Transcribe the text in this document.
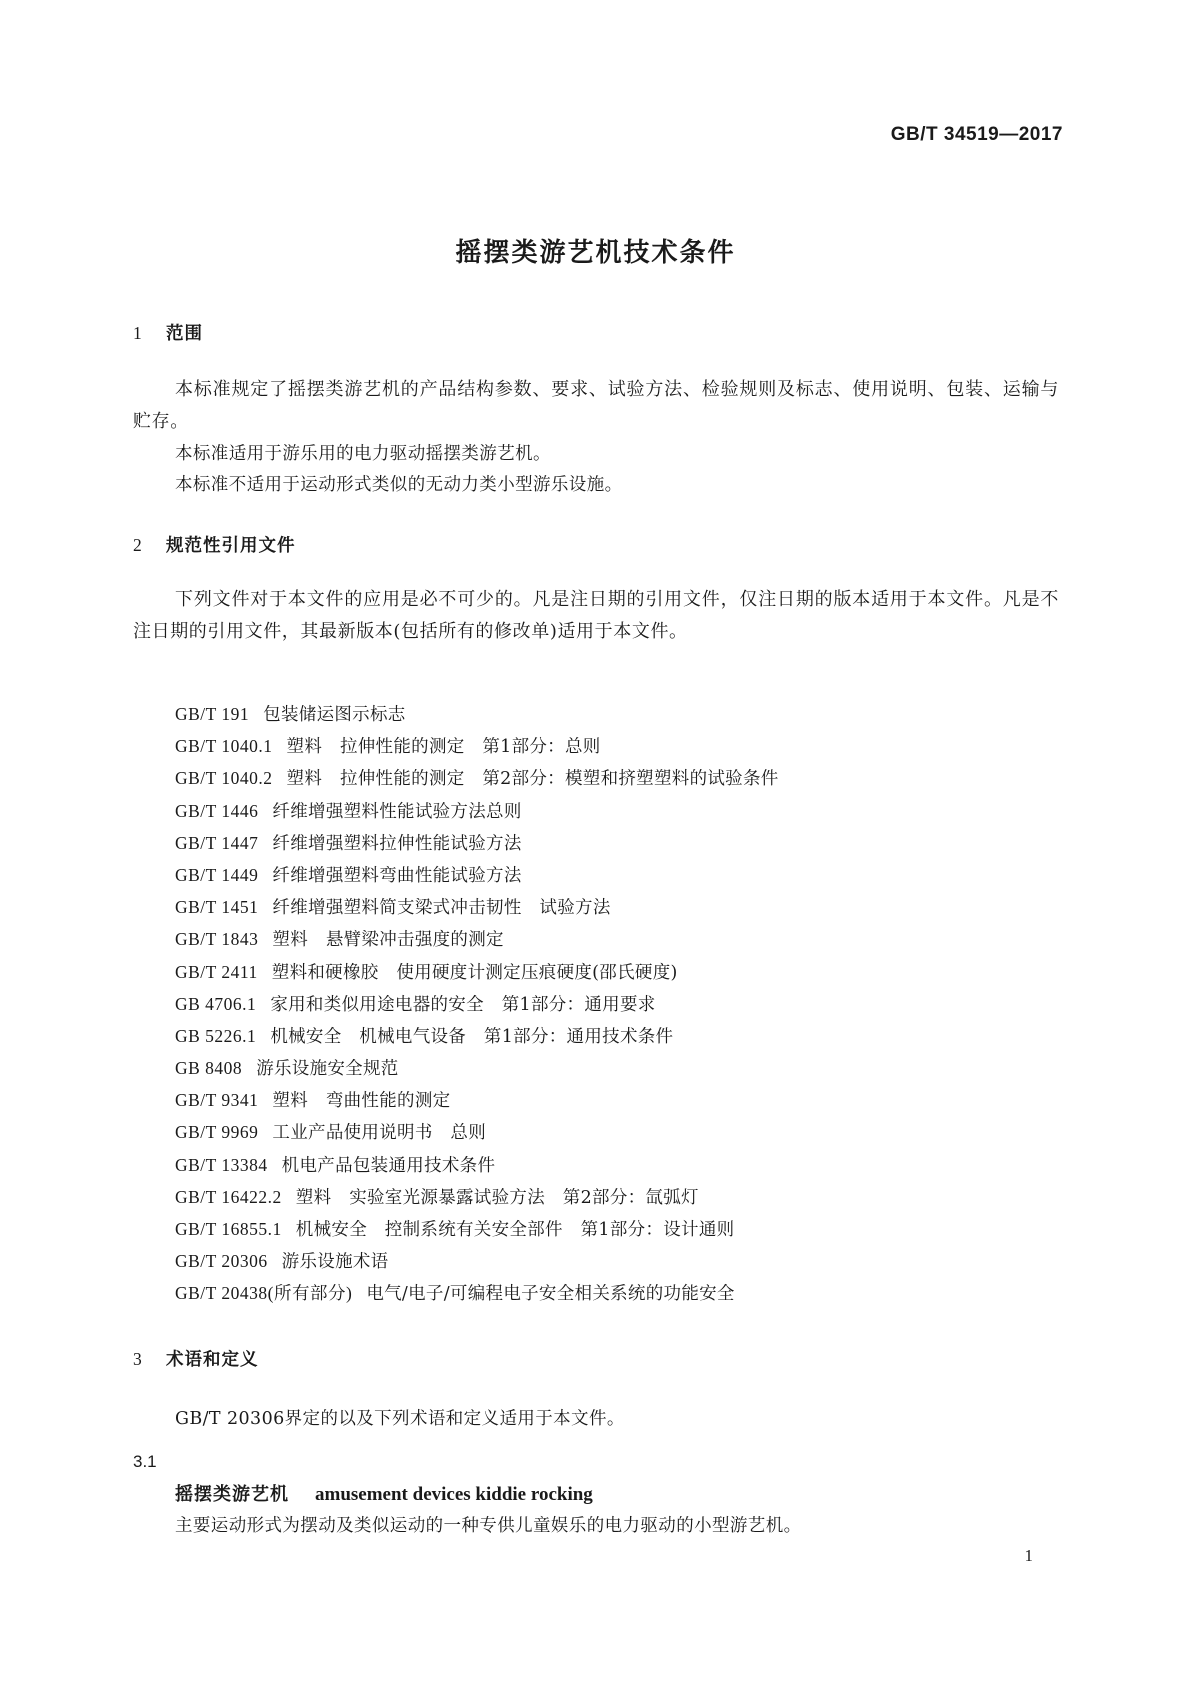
GB/T 34519—2017
摇摆类游艺机技术条件
1 范围
本标准规定了摇摆类游艺机的产品结构参数、要求、试验方法、检验规则及标志、使用说明、包装、运输与贮存。
本标准适用于游乐用的电力驱动摇摆类游艺机。
本标准不适用于运动形式类似的无动力类小型游乐设施。
2 规范性引用文件
下列文件对于本文件的应用是必不可少的。凡是注日期的引用文件，仅注日期的版本适用于本文件。凡是不注日期的引用文件，其最新版本(包括所有的修改单)适用于本文件。
GB/T 191 包装储运图示标志
GB/T 1040.1 塑料　拉伸性能的测定　第1部分：总则
GB/T 1040.2 塑料　拉伸性能的测定　第2部分：模塑和挤塑塑料的试验条件
GB/T 1446 纤维增强塑料性能试验方法总则
GB/T 1447 纤维增强塑料拉伸性能试验方法
GB/T 1449 纤维增强塑料弯曲性能试验方法
GB/T 1451 纤维增强塑料简支梁式冲击韧性　试验方法
GB/T 1843 塑料　悬臂梁冲击强度的测定
GB/T 2411 塑料和硬橡胶　使用硬度计测定压痕硬度(邵氏硬度)
GB 4706.1 家用和类似用途电器的安全　第1部分：通用要求
GB 5226.1 机械安全　机械电气设备　第1部分：通用技术条件
GB 8408 游乐设施安全规范
GB/T 9341 塑料　弯曲性能的测定
GB/T 9969 工业产品使用说明书　总则
GB/T 13384 机电产品包装通用技术条件
GB/T 16422.2 塑料　实验室光源暴露试验方法　第2部分：氙弧灯
GB/T 16855.1 机械安全　控制系统有关安全部件　第1部分：设计通则
GB/T 20306 游乐设施术语
GB/T 20438(所有部分) 电气/电子/可编程电子安全相关系统的功能安全
3 术语和定义
GB/T 20306界定的以及下列术语和定义适用于本文件。
3.1
摇摆类游艺机 amusement devices kiddie rocking
主要运动形式为摆动及类似运动的一种专供儿童娱乐的电力驱动的小型游艺机。
1
